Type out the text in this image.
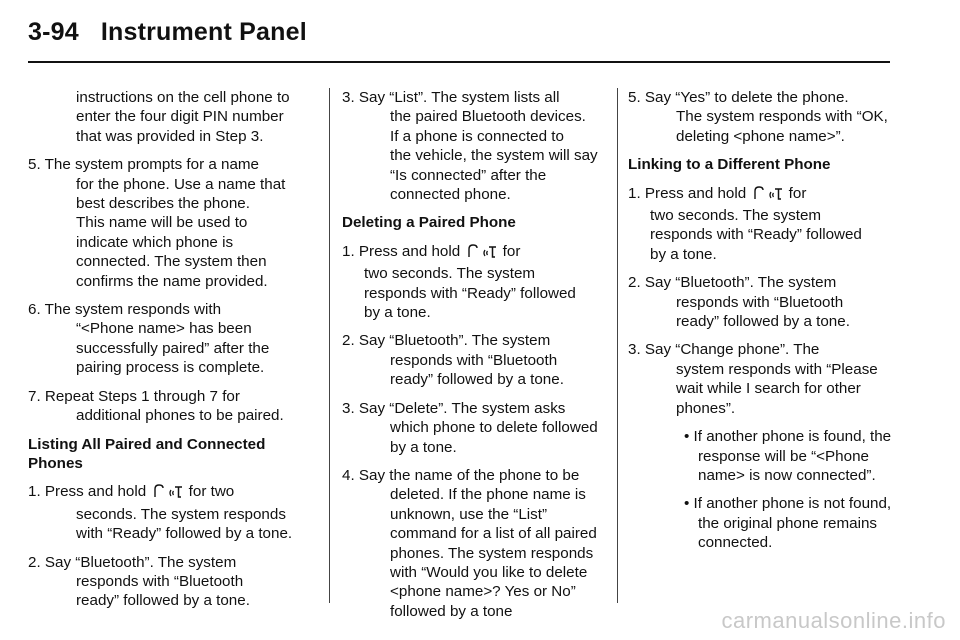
3-94 Instrument Panel
instructions on the cell phone to
enter the four digit PIN number
that was provided in Step 3.
5. The system prompts for a name
for the phone. Use a name that
best describes the phone.
This name will be used to
indicate which phone is
connected. The system then
confirms the name provided.
6. The system responds with
“<Phone name> has been
successfully paired” after the
pairing process is complete.
7. Repeat Steps 1 through 7 for
additional phones to be paired.
Listing All Paired and Connected
Phones
1. Press and hold	for two
seconds. The system responds
with “Ready” followed by a tone.
2. Say “Bluetooth”. The system
responds with “Bluetooth
ready” followed by a tone.
3. Say “List”. The system lists all
the paired Bluetooth devices.
If a phone is connected to
the vehicle, the system will say
“Is connected” after the
connected phone.
Deleting a Paired Phone
1. Press and hold	for
two seconds. The system
responds with “Ready” followed
by a tone.
2. Say “Bluetooth”. The system
responds with “Bluetooth
ready” followed by a tone.
3. Say “Delete”. The system asks
which phone to delete followed
by a tone.
4. Say the name of the phone to be
deleted. If the phone name is
unknown, use the “List”
command for a list of all paired
phones. The system responds
with “Would you like to delete
<phone name>? Yes or No”
followed by a tone
5. Say “Yes” to delete the phone.
The system responds with “OK,
deleting <phone name>”.
Linking to a Different Phone
1. Press and hold	for
two seconds. The system
responds with “Ready” followed
by a tone.
2. Say “Bluetooth”. The system
responds with “Bluetooth
ready” followed by a tone.
3. Say “Change phone”. The
system responds with “Please
wait while I search for other
phones”.
• If another phone is found, the
response will be “<Phone
name> is now connected”.
• If another phone is not found,
the original phone remains
connected.
carmanualsonline.info
